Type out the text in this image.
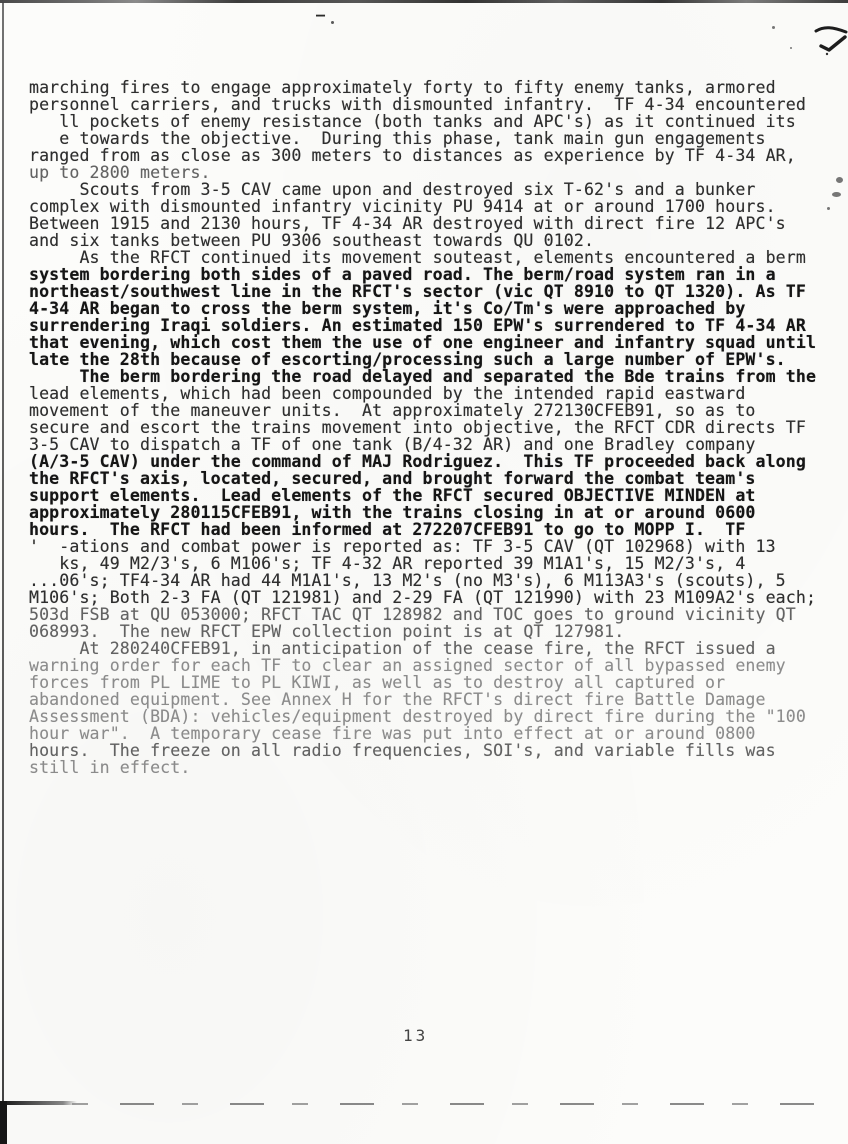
—
marching fires to engage approximately forty to fifty enemy tanks, armored
personnel carriers, and trucks with dismounted infantry.  TF 4-34 encountered
ll pockets of enemy resistance (both tanks and APC's) as it continued its
e towards the objective.  During this phase, tank main gun engagements
ranged from as close as 300 meters to distances as experience by TF 4-34 AR,
up to 2800 meters.
Scouts from 3-5 CAV came upon and destroyed six T-62's and a bunker
complex with dismounted infantry vicinity PU 9414 at or around 1700 hours.
Between 1915 and 2130 hours, TF 4-34 AR destroyed with direct fire 12 APC's
and six tanks between PU 9306 southeast towards QU 0102.
As the RFCT continued its movement souteast, elements encountered a berm
system bordering both sides of a paved road. The berm/road system ran in a
northeast/southwest line in the RFCT's sector (vic QT 8910 to QT 1320). As TF
4-34 AR began to cross the berm system, it's Co/Tm's were approached by
surrendering Iraqi soldiers. An estimated 150 EPW's surrendered to TF 4-34 AR
that evening, which cost them the use of one engineer and infantry squad until
late the 28th because of escorting/processing such a large number of EPW's.
The berm bordering the road delayed and separated the Bde trains from the
lead elements, which had been compounded by the intended rapid eastward
movement of the maneuver units.  At approximately 272130CFEB91, so as to
secure and escort the trains movement into objective, the RFCT CDR directs TF
3-5 CAV to dispatch a TF of one tank (B/4-32 AR) and one Bradley company
(A/3-5 CAV) under the command of MAJ Rodriguez.  This TF proceeded back along
the RFCT's axis, located, secured, and brought forward the combat team's
support elements.  Lead elements of the RFCT secured OBJECTIVE MINDEN at
approximately 280115CFEB91, with the trains closing in at or around 0600
hours.  The RFCT had been informed at 272207CFEB91 to go to MOPP I.  TF
'  -ations and combat power is reported as: TF 3-5 CAV (QT 102968) with 13
ks, 49 M2/3's, 6 M106's; TF 4-32 AR reported 39 M1A1's, 15 M2/3's, 4
...06's; TF4-34 AR had 44 M1A1's, 13 M2's (no M3's), 6 M113A3's (scouts), 5
M106's; Both 2-3 FA (QT 121981) and 2-29 FA (QT 121990) with 23 M109A2's each;
503d FSB at QU 053000; RFCT TAC QT 128982 and TOC goes to ground vicinity QT
068993.  The new RFCT EPW collection point is at QT 127981.
At 280240CFEB91, in anticipation of the cease fire, the RFCT issued a
warning order for each TF to clear an assigned sector of all bypassed enemy
forces from PL LIME to PL KIWI, as well as to destroy all captured or
abandoned equipment. See Annex H for the RFCT's direct fire Battle Damage
Assessment (BDA): vehicles/equipment destroyed by direct fire during the "100
hour war".  A temporary cease fire was put into effect at or around 0800
hours.  The freeze on all radio frequencies, SOI's, and variable fills was
still in effect.
13
